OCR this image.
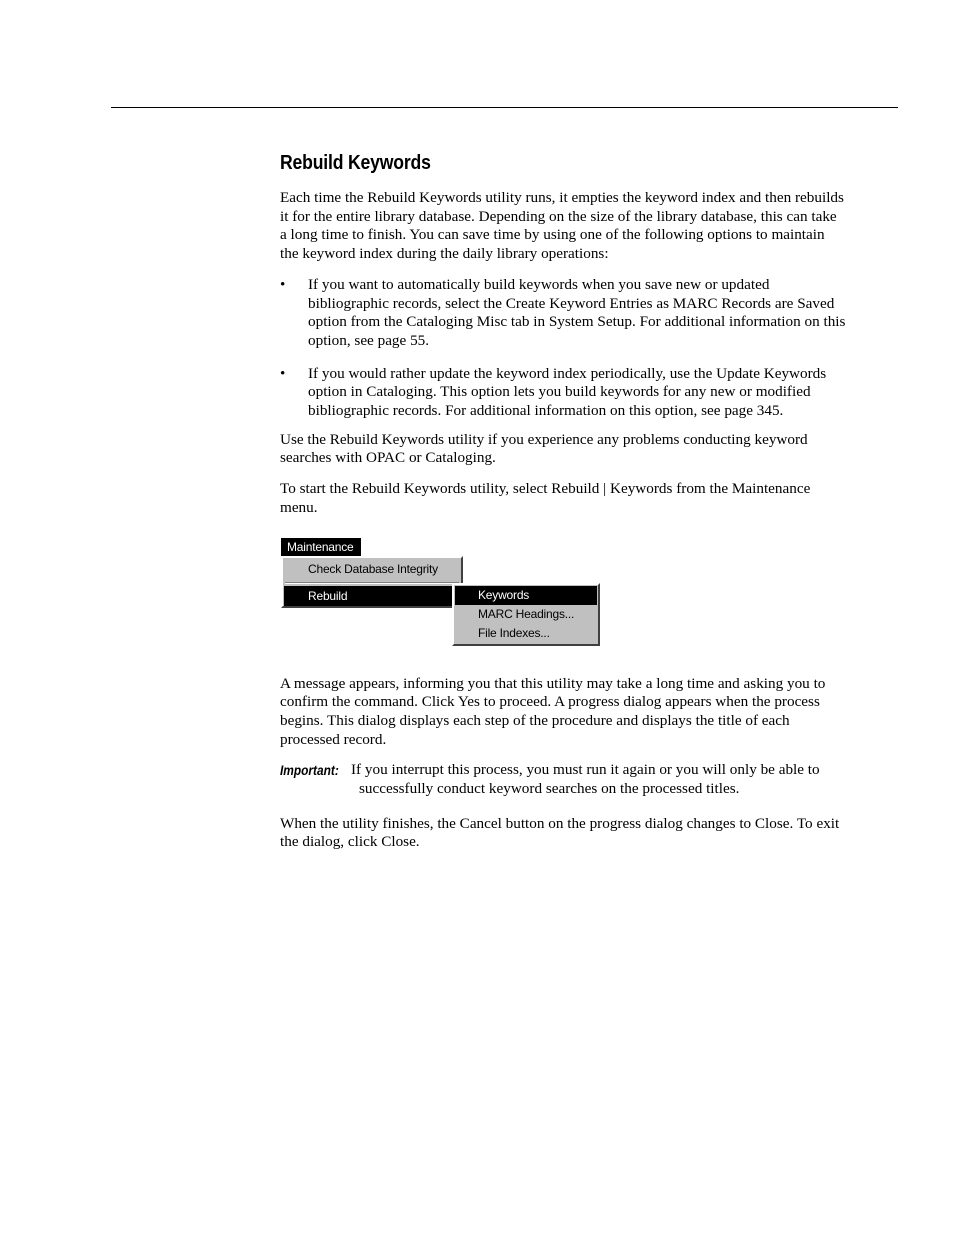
Rebuild Keywords

Each time the Rebuild Keywords utility runs, it empties the keyword index and then rebuilds it for the entire library database. Depending on the size of the library database, this can take a long time to finish. You can save time by using one of the following options to maintain the keyword index during the daily library operations:

• If you want to automatically build keywords when you save new or updated bibliographic records, select the Create Keyword Entries as MARC Records are Saved option from the Cataloging Misc tab in System Setup. For additional information on this option, see page 55.
• If you would rather update the keyword index periodically, use the Update Keywords option in Cataloging. This option lets you build keywords for any new or modified bibliographic records. For additional information on this option, see page 345.

Use the Rebuild Keywords utility if you experience any problems conducting keyword searches with OPAC or Cataloging.

To start the Rebuild Keywords utility, select Rebuild | Keywords from the Maintenance menu.

Maintenance
Check Database Integrity
Rebuild	Keywords
MARC Headings...
File Indexes...

A message appears, informing you that this utility may take a long time and asking you to confirm the command. Click Yes to proceed. A progress dialog appears when the process begins. This dialog displays each step of the procedure and displays the title of each processed record.

Important: If you interrupt this process, you must run it again or you will only be able to successfully conduct keyword searches on the processed titles.

When the utility finishes, the Cancel button on the progress dialog changes to Close. To exit the dialog, click Close.
